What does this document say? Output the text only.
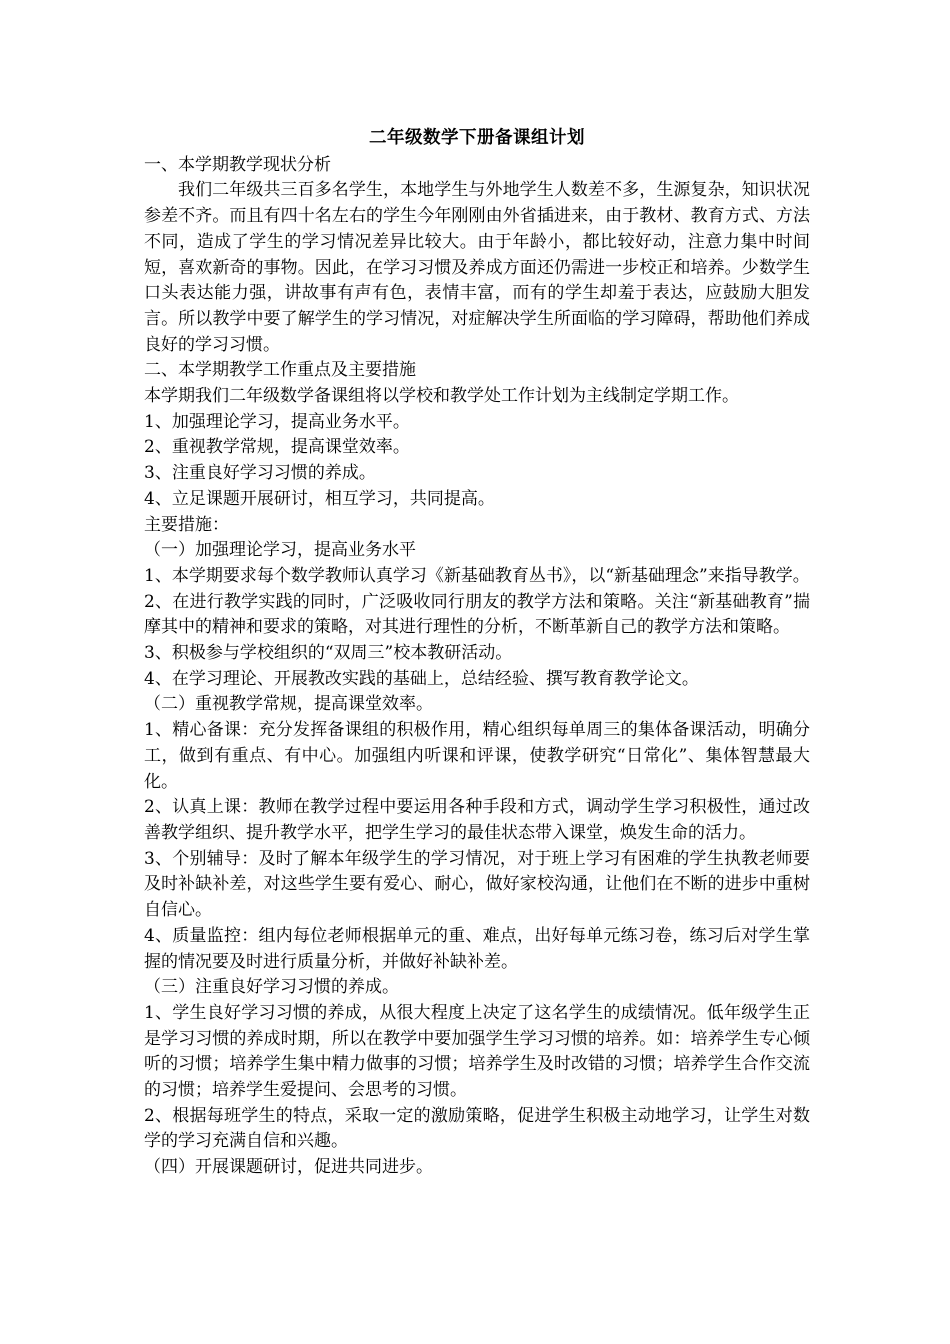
二年级数学下册备课组计划

一、本学期教学现状分析

我们二年级共三百多名学生，本地学生与外地学生人数差不多，生源复杂，知识状况参差不齐。而且有四十名左右的学生今年刚刚由外省插进来，由于教材、教育方式、方法不同，造成了学生的学习情况差异比较大。由于年龄小，都比较好动，注意力集中时间短，喜欢新奇的事物。因此，在学习习惯及养成方面还仍需进一步校正和培养。少数学生口头表达能力强，讲故事有声有色，表情丰富，而有的学生却羞于表达，应鼓励大胆发言。所以教学中要了解学生的学习情况，对症解决学生所面临的学习障碍，帮助他们养成良好的学习习惯。

二、本学期教学工作重点及主要措施

本学期我们二年级数学备课组将以学校和教学处工作计划为主线制定学期工作。

1、加强理论学习，提高业务水平。

2、重视教学常规，提高课堂效率。

3、注重良好学习习惯的养成。

4、立足课题开展研讨，相互学习，共同提高。

主要措施：

（一）加强理论学习，提高业务水平

1、本学期要求每个数学教师认真学习《新基础教育丛书》，以“新基础理念”来指导教学。

2、在进行教学实践的同时，广泛吸收同行朋友的教学方法和策略。关注“新基础教育”揣摩其中的精神和要求的策略，对其进行理性的分析，不断革新自己的教学方法和策略。

3、积极参与学校组织的“双周三”校本教研活动。

4、在学习理论、开展教改实践的基础上，总结经验、撰写教育教学论文。

（二）重视教学常规，提高课堂效率。

1、精心备课：充分发挥备课组的积极作用，精心组织每单周三的集体备课活动，明确分工，做到有重点、有中心。加强组内听课和评课，使教学研究“日常化”、集体智慧最大化。

2、认真上课：教师在教学过程中要运用各种手段和方式，调动学生学习积极性，通过改善教学组织、提升教学水平，把学生学习的最佳状态带入课堂，焕发生命的活力。

3、个别辅导：及时了解本年级学生的学习情况，对于班上学习有困难的学生执教老师要及时补缺补差，对这些学生要有爱心、耐心，做好家校沟通，让他们在不断的进步中重树自信心。

4、质量监控：组内每位老师根据单元的重、难点，出好每单元练习卷，练习后对学生掌握的情况要及时进行质量分析，并做好补缺补差。

（三）注重良好学习习惯的养成。

1、学生良好学习习惯的养成，从很大程度上决定了这名学生的成绩情况。低年级学生正是学习习惯的养成时期，所以在教学中要加强学生学习习惯的培养。如：培养学生专心倾听的习惯；培养学生集中精力做事的习惯；培养学生及时改错的习惯；培养学生合作交流的习惯；培养学生爱提问、会思考的习惯。

2、根据每班学生的特点，采取一定的激励策略，促进学生积极主动地学习，让学生对数学的学习充满自信和兴趣。

（四）开展课题研讨，促进共同进步。
